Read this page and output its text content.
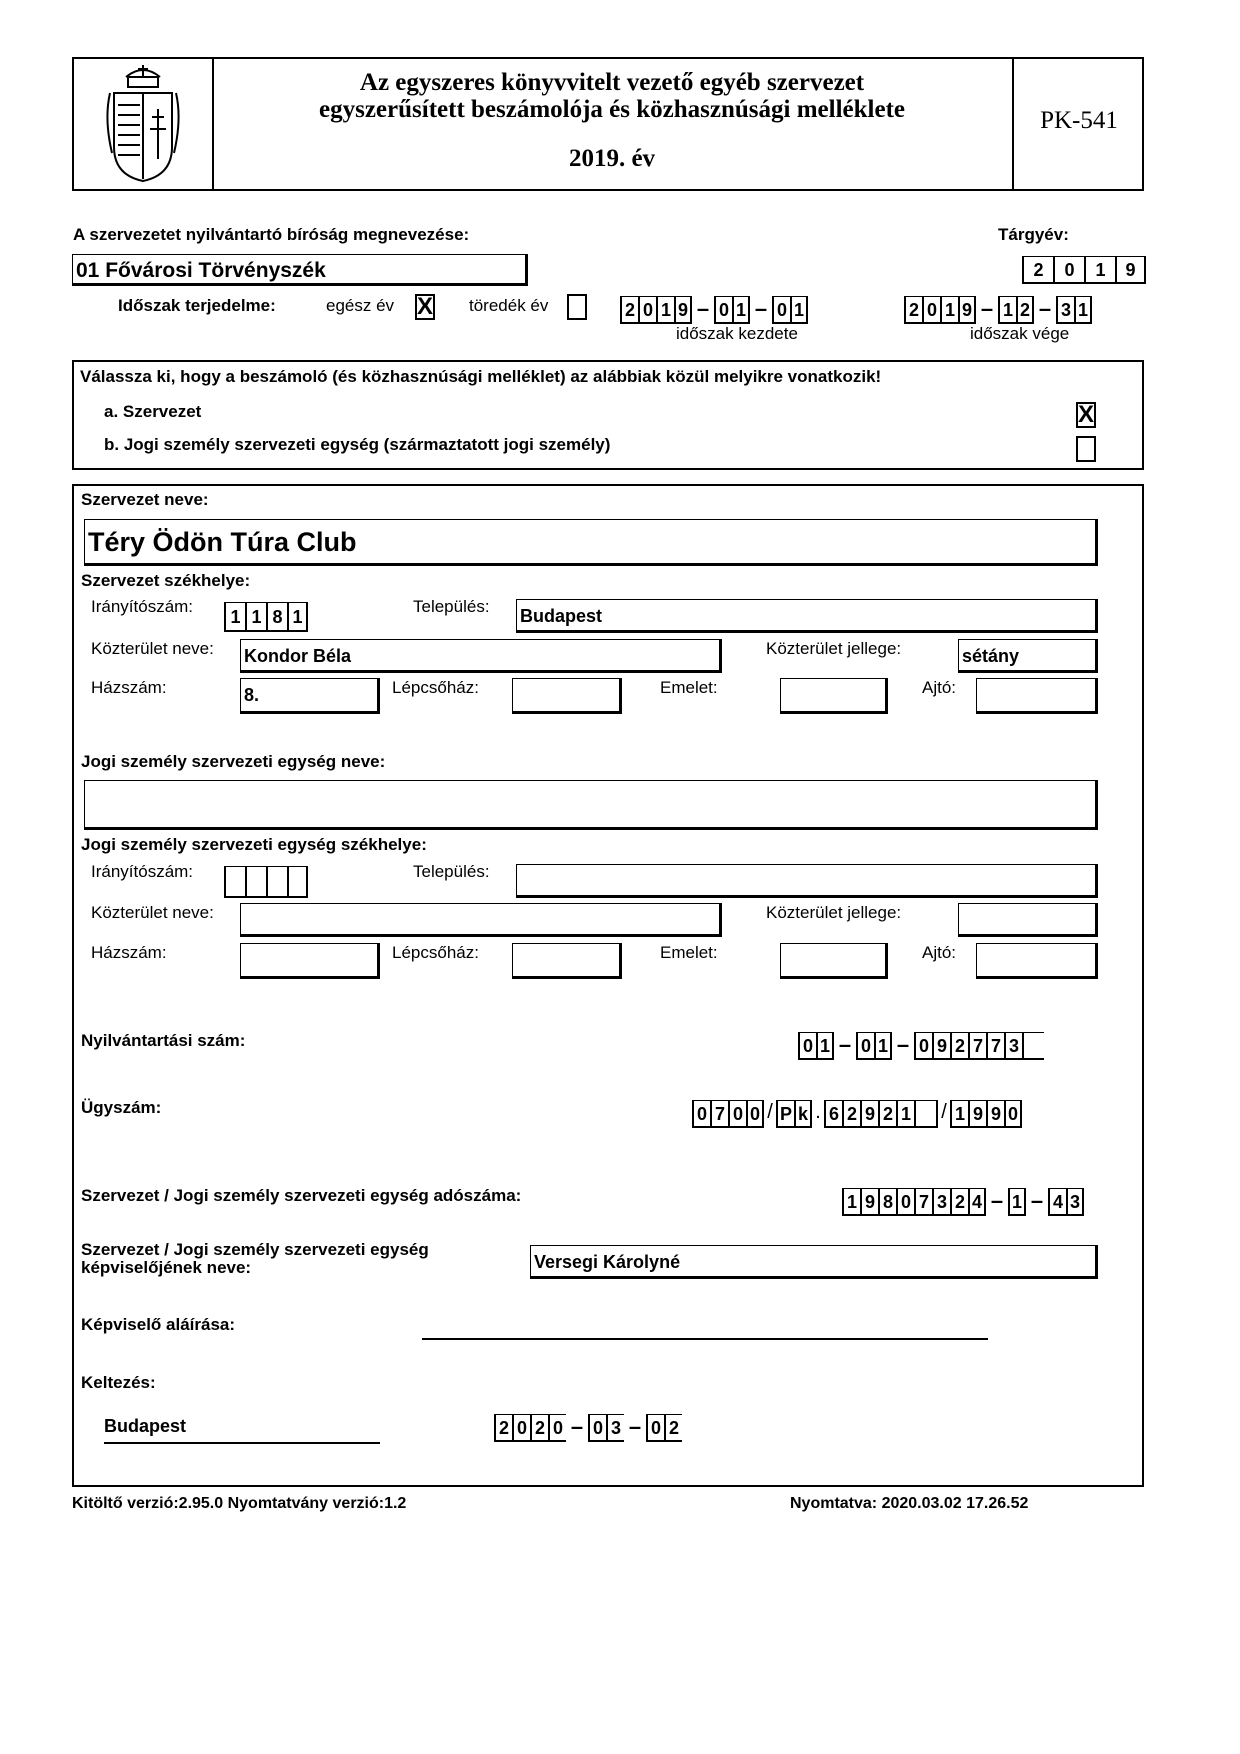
Az egyszeres könyvvitelt vezető egyéb szervezet
egyszerűsített beszámolója és közhasznúsági melléklete
2019. év
PK-541
A szervezetet nyilvántartó bíróság megnevezése:
01 Fővárosi Törvényszék
Tárgyév:
2	0	1	9
Időszak terjedelme:	egész év X töredék év	2 0 1 9 – 0 1 – 0 1
időszak kezdete
2 0 1 9 – 1 2 – 3 1
időszak vége
Válassza ki, hogy a beszámoló (és közhasznúsági melléklet) az alábbiak közül melyikre vonatkozik!
a. Szervezet
b. Jogi személy szervezeti egység (származtatott jogi személy)
X
Szervezet neve:
Téry Ödön Túra Club
Szervezet székhelye:
Irányítószám:
1 1 8 1
Település: Budapest
Közterület neve: Kondor Béla	Közterület jellege:	sétány
Házszám:	8.	Lépcsőház:	Emelet:	Ajtó:
Jogi személy szervezeti egység neve:
Jogi személy szervezeti egység székhelye:
Irányítószám:	Település:
Közterület neve:	Közterület jellege:
Házszám:	Lépcsőház:	Emelet:	Ajtó:
Nyilvántartási szám:	0 1 – 0 1 – 0 9 2 7 7 3
Ügyszám:	0 7 0 0 / P k . 6 2 9 2 1 / 1 9 9 0
Szervezet / Jogi személy szervezeti egység adószáma:	1 9 8 0 7 3 2 4 – 1 – 4 3
Szervezet / Jogi személy szervezeti egység
képviselőjének neve:	Versegi Károlyné
Képviselő aláírása:
Keltezés:
Budapest	2 0 2 0 – 0 3 – 0 2
Kitöltő verzió:2.95.0 Nyomtatvány verzió:1.2	Nyomtatva: 2020.03.02 17.26.52
